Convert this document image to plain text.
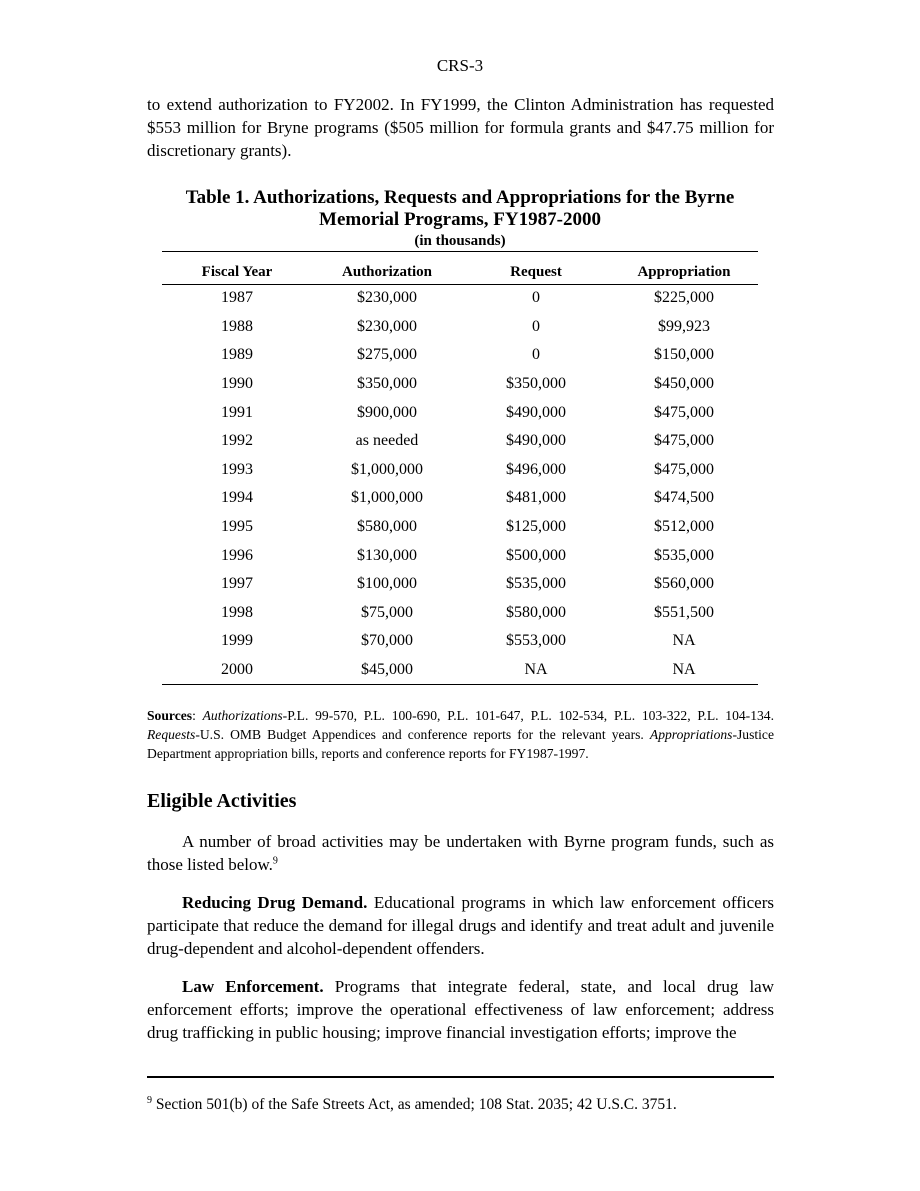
CRS-3

to extend authorization to FY2002. In FY1999, the Clinton Administration has requested $553 million for Bryne programs ($505 million for formula grants and $47.75 million for discretionary grants).

Table 1. Authorizations, Requests and Appropriations for the Byrne Memorial Programs, FY1987-2000
(in thousands)
Fiscal Year	Authorization	Request	Appropriation
1987	$230,000	0	$225,000
1988	$230,000	0	$99,923
1989	$275,000	0	$150,000
1990	$350,000	$350,000	$450,000
1991	$900,000	$490,000	$475,000
1992	as needed	$490,000	$475,000
1993	$1,000,000	$496,000	$475,000
1994	$1,000,000	$481,000	$474,500
1995	$580,000	$125,000	$512,000
1996	$130,000	$500,000	$535,000
1997	$100,000	$535,000	$560,000
1998	$75,000	$580,000	$551,500
1999	$70,000	$553,000	NA
2000	$45,000	NA	NA

Sources: Authorizations-P.L. 99-570, P.L. 100-690, P.L. 101-647, P.L. 102-534, P.L. 103-322, P.L. 104-134. Requests-U.S. OMB Budget Appendices and conference reports for the relevant years. Appropriations-Justice Department appropriation bills, reports and conference reports for FY1987-1997.

Eligible Activities

A number of broad activities may be undertaken with Byrne program funds, such as those listed below.$^9$

Reducing Drug Demand. Educational programs in which law enforcement officers participate that reduce the demand for illegal drugs and identify and treat adult and juvenile drug-dependent and alcohol-dependent offenders.

Law Enforcement. Programs that integrate federal, state, and local drug law enforcement efforts; improve the operational effectiveness of law enforcement; address drug trafficking in public housing; improve financial investigation efforts; improve the

$^9$ Section 501(b) of the Safe Streets Act, as amended; 108 Stat. 2035; 42 U.S.C. 3751.
